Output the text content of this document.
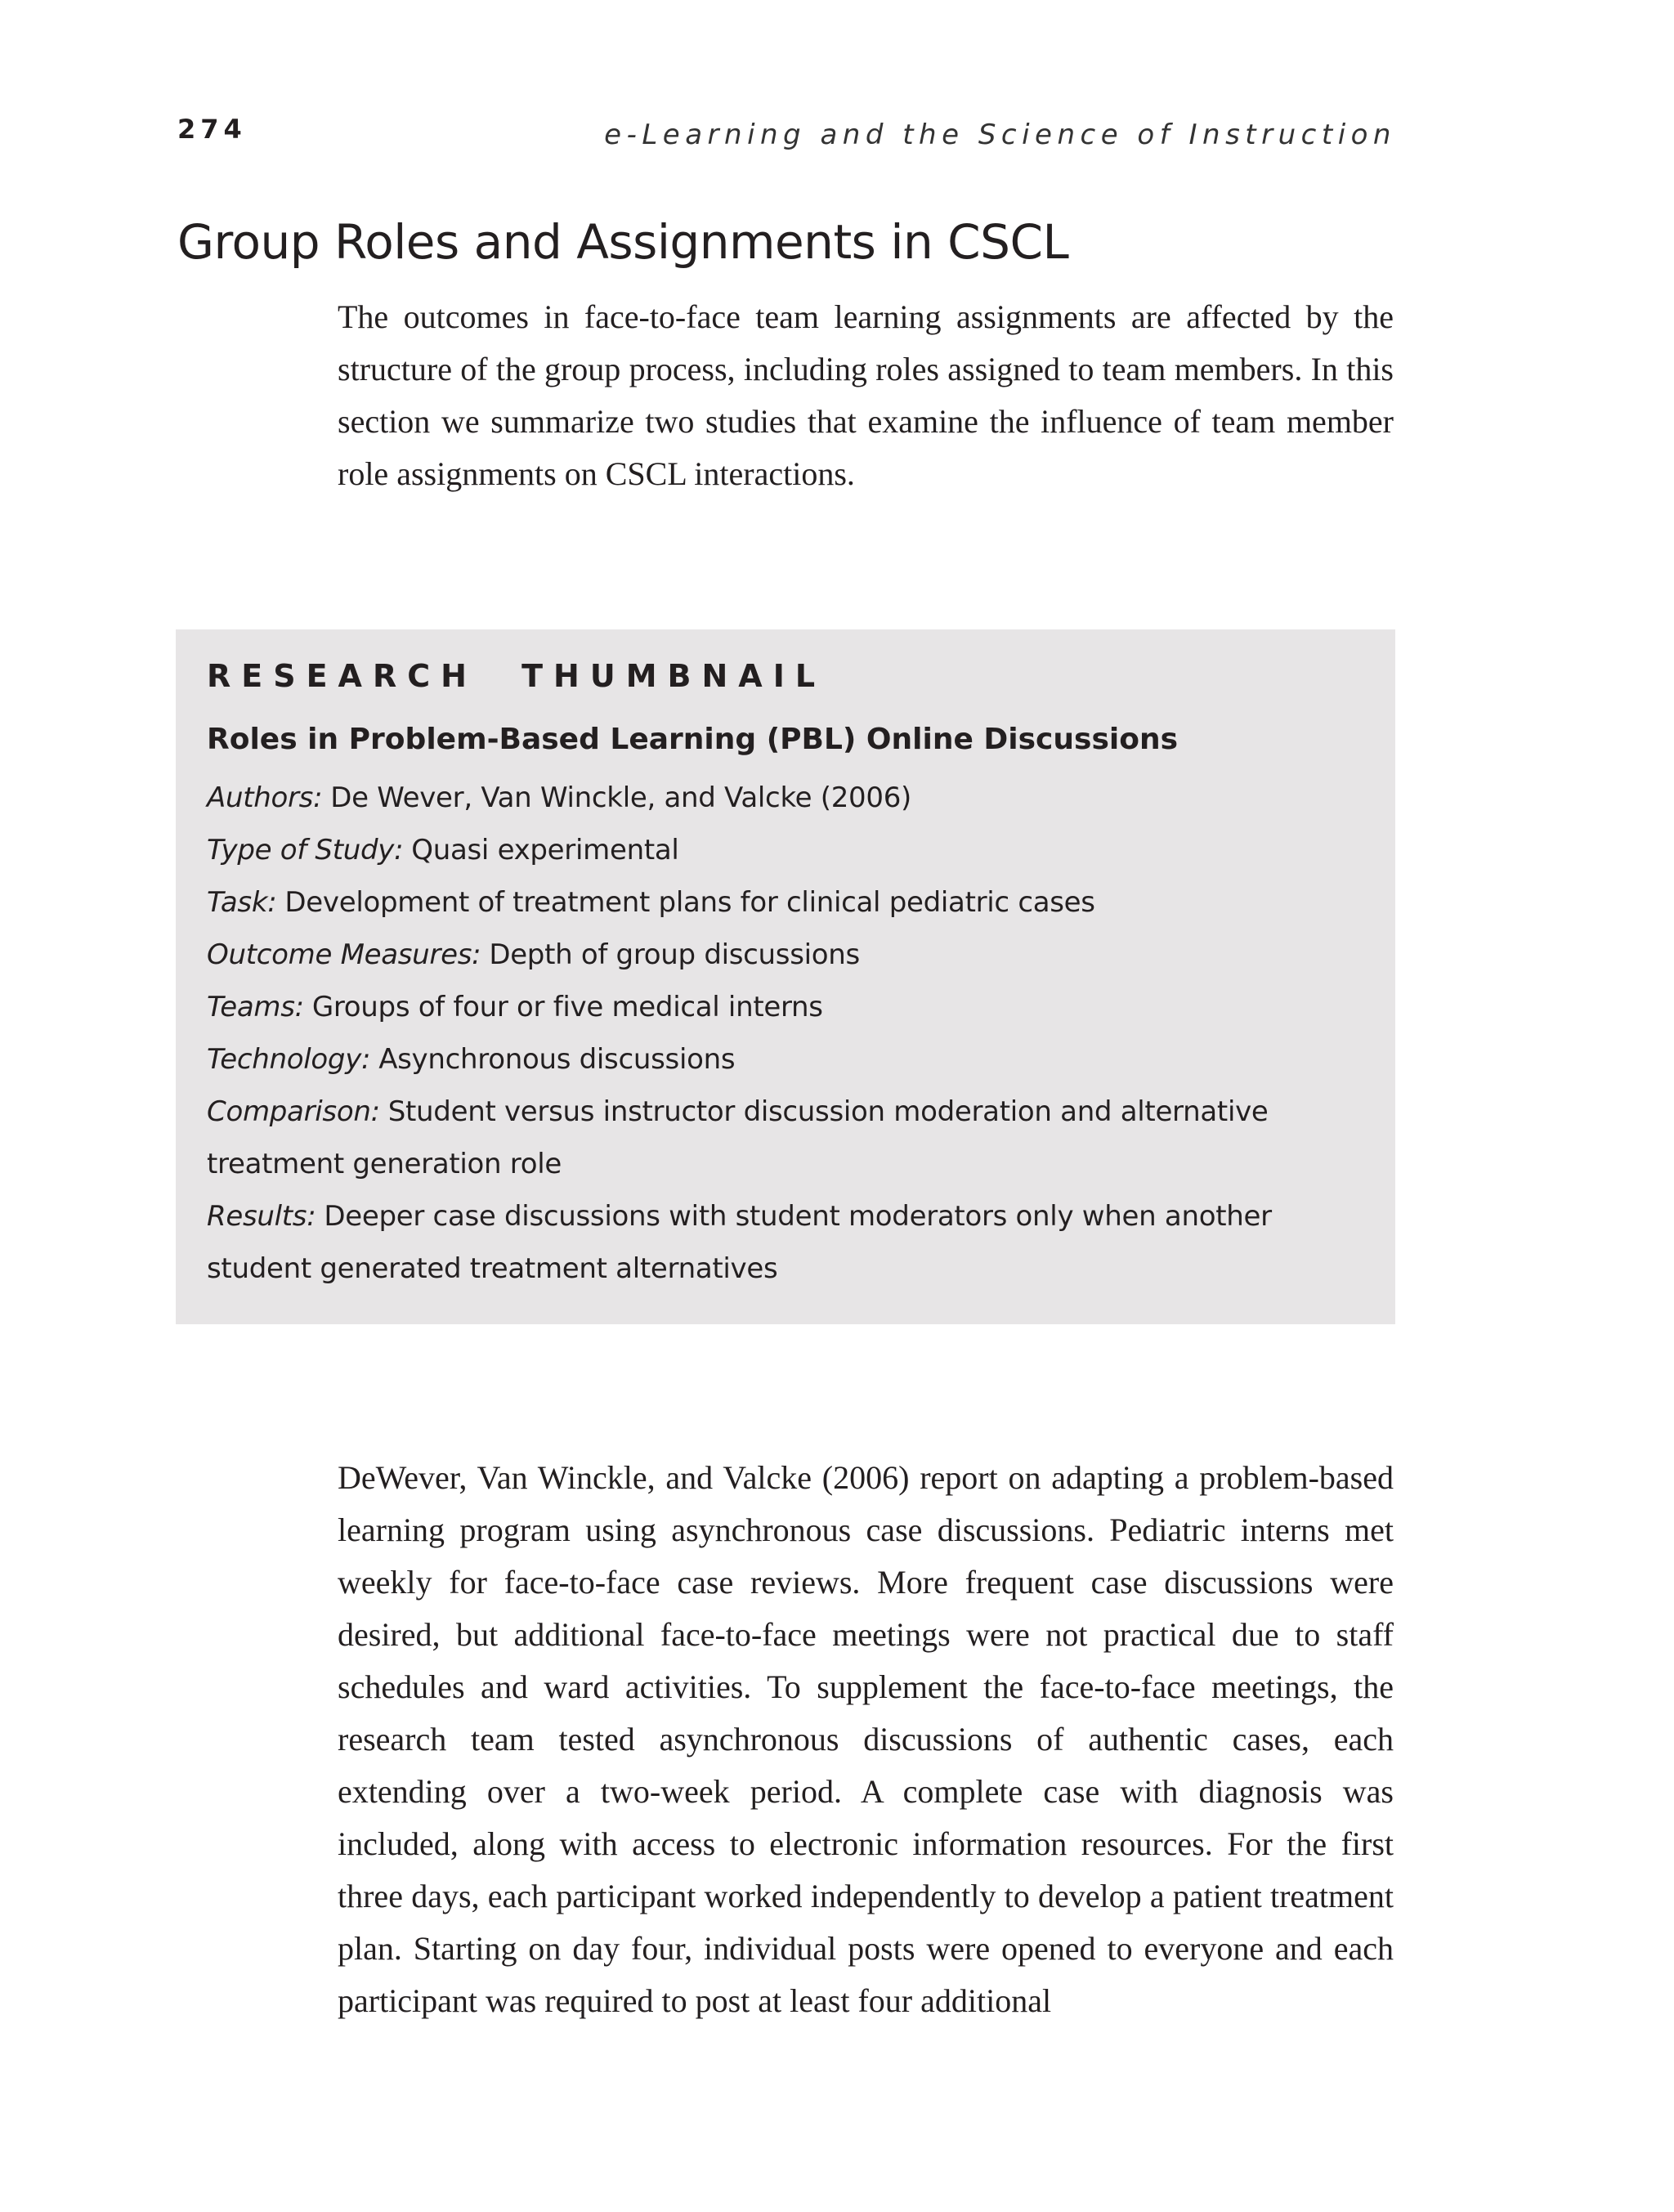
274	e-Learning and the Science of Instruction
Group Roles and Assignments in CSCL

The outcomes in face-to-face team learning assignments are affected by the structure of the group process, including roles assigned to team members. In this section we summarize two studies that examine the influence of team member role assignments on CSCL interactions.

RESEARCH THUMBNAIL

Roles in Problem-Based Learning (PBL) Online Discussions

Authors: De Wever, Van Winckle, and Valcke (2006)

Type of Study: Quasi experimental

Task: Development of treatment plans for clinical pediatric cases

Outcome Measures: Depth of group discussions

Teams: Groups of four or five medical interns

Technology: Asynchronous discussions

Comparison: Student versus instructor discussion moderation and alternative treatment generation role

Results: Deeper case discussions with student moderators only when another student generated treatment alternatives

DeWever, Van Winckle, and Valcke (2006) report on adapting a problem-based learning program using asynchronous case discussions. Pediatric interns met weekly for face-to-face case reviews. More frequent case discussions were desired, but additional face-to-face meetings were not practical due to staff schedules and ward activities. To supplement the face-to-face meetings, the research team tested asynchronous discussions of authentic cases, each extending over a two-week period. A complete case with diagnosis was included, along with access to electronic information resources. For the first three days, each participant worked independently to develop a patient treatment plan. Starting on day four, individual posts were opened to everyone and each participant was required to post at least four additional
